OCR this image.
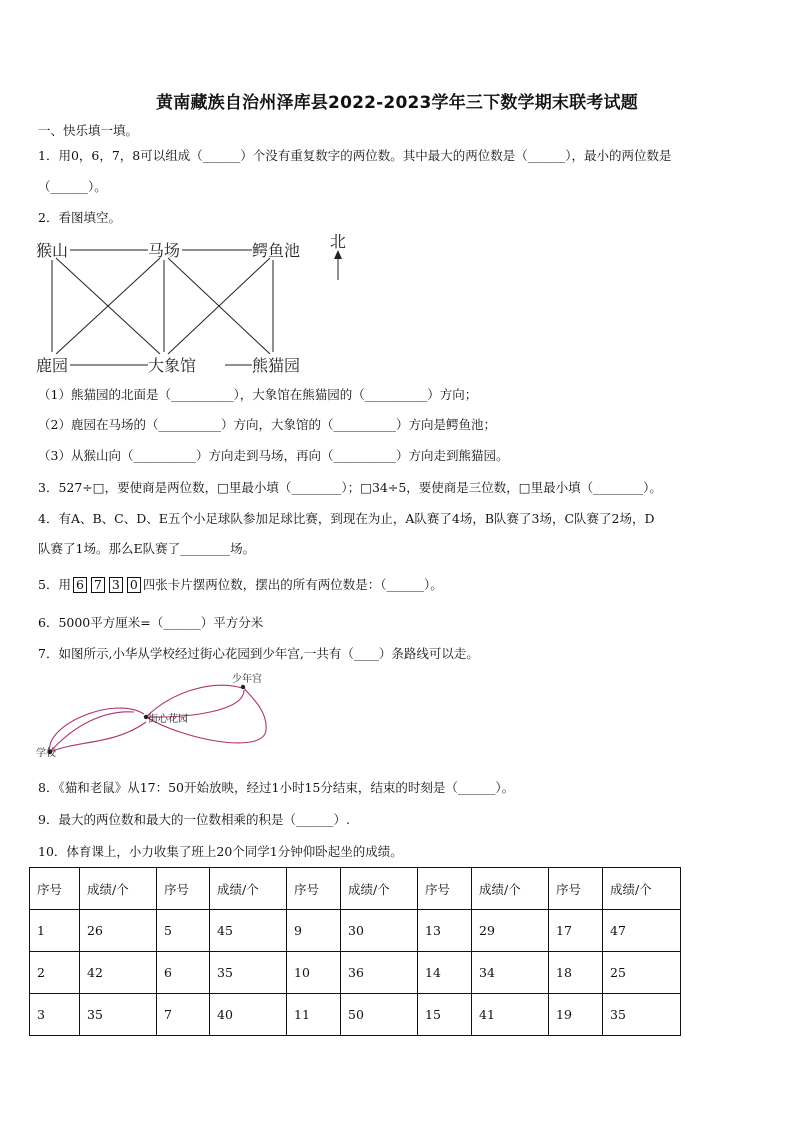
黄南藏族自治州泽库县2022-2023学年三下数学期末联考试题
一、快乐填一填。
1．用0，6，7，8可以组成（______）个没有重复数字的两位数。其中最大的两位数是（______），最小的两位数是
（______）。
2．看图填空。
猴山	马场	鳄鱼池
鹿园	大象馆	熊猫园
北
（1）熊猫园的北面是（__________），大象馆在熊猫园的（__________）方向；
（2）鹿园在马场的（__________）方向，大象馆的（__________）方向是鳄鱼池；
（3）从猴山向（__________）方向走到马场，再向（__________）方向走到熊猫园。
3．527÷□，要使商是两位数，□里最小填（________）；□34÷5，要使商是三位数，□里最小填（________）。
4．有A、B、C、D、E五个小足球队参加足球比赛，到现在为止，A队赛了4场，B队赛了3场，C队赛了2场，D
队赛了1场。那么E队赛了________场。
5．用 6 7 3 0 四张卡片摆两位数，摆出的所有两位数是：（______）。
6．5000平方厘米=（______）平方分米
7．如图所示,小华从学校经过街心花园到少年宫,一共有（____）条路线可以走。
学校
街心花园
少年宫
8．《猫和老鼠》从17：50开始放映，经过1小时15分结束，结束的时刻是（______）。
9．最大的两位数和最大的一位数相乘的积是（______）.
10．体育课上，小力收集了班上20个同学1分钟仰卧起坐的成绩。
序号	成绩/个	序号	成绩/个	序号	成绩/个	序号	成绩/个	序号	成绩/个
1	26	5	45	9	30	13	29	17	47
2	42	6	35	10	36	14	34	18	25
3	35	7	40	11	50	15	41	19	35
